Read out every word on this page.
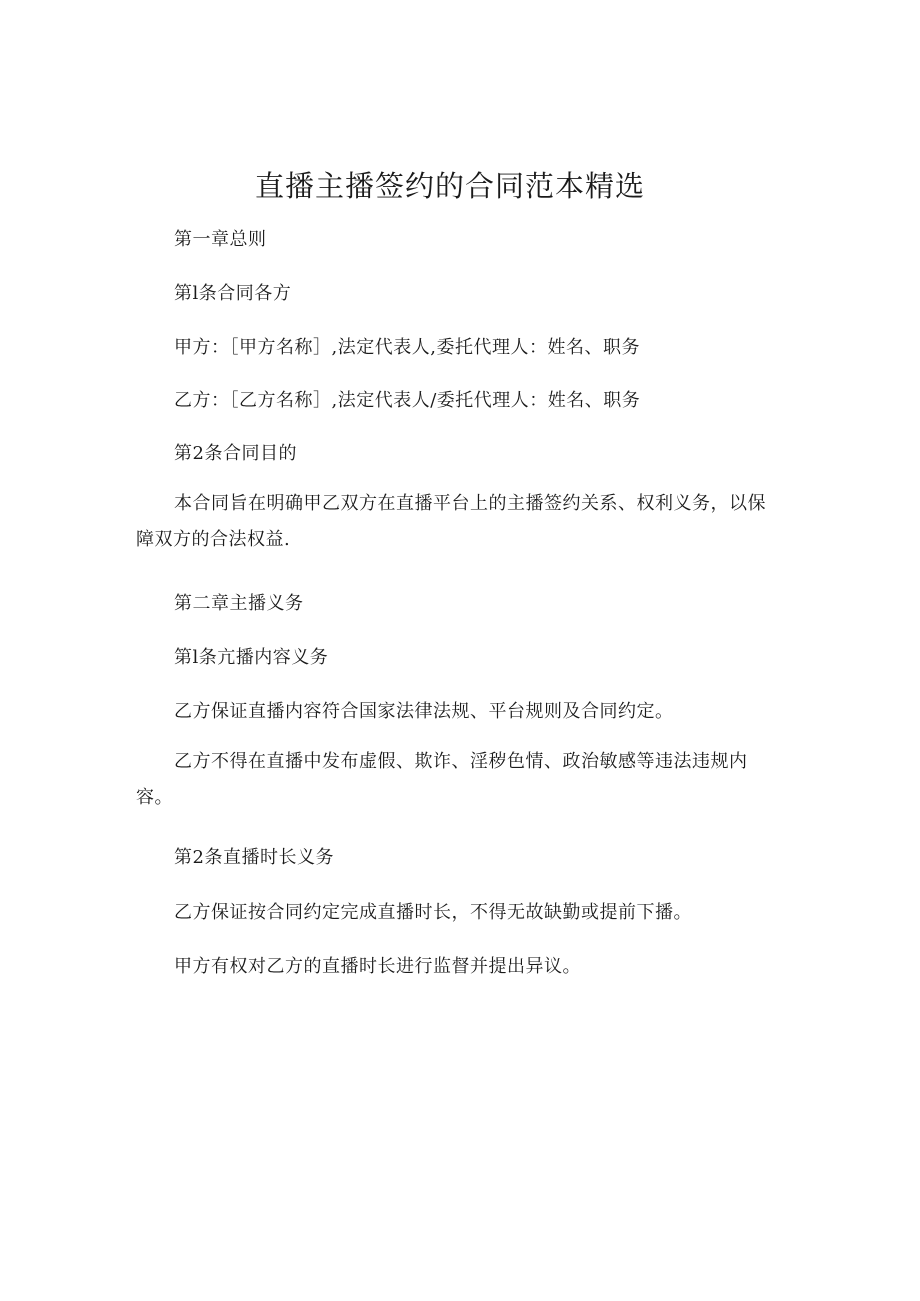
直播主播签约的合同范本精选

第一章总则

第l条合同各方

甲方：［甲方名称］,法定代表人,委托代理人：姓名、职务

乙方：［乙方名称］,法定代表人/委托代理人：姓名、职务

第2条合同目的

本合同旨在明确甲乙双方在直播平台上的主播签约关系、权利义务，以保障双方的合法权益.

第二章主播义务

第l条亢播内容义务

乙方保证直播内容符合国家法律法规、平台规则及合同约定。

乙方不得在直播中发布虚假、欺诈、淫秽色情、政治敏感等违法违规内容。

第2条直播时长义务

乙方保证按合同约定完成直播时长，不得无故缺勤或提前下播。

甲方有权对乙方的直播时长进行监督并提出异议。
